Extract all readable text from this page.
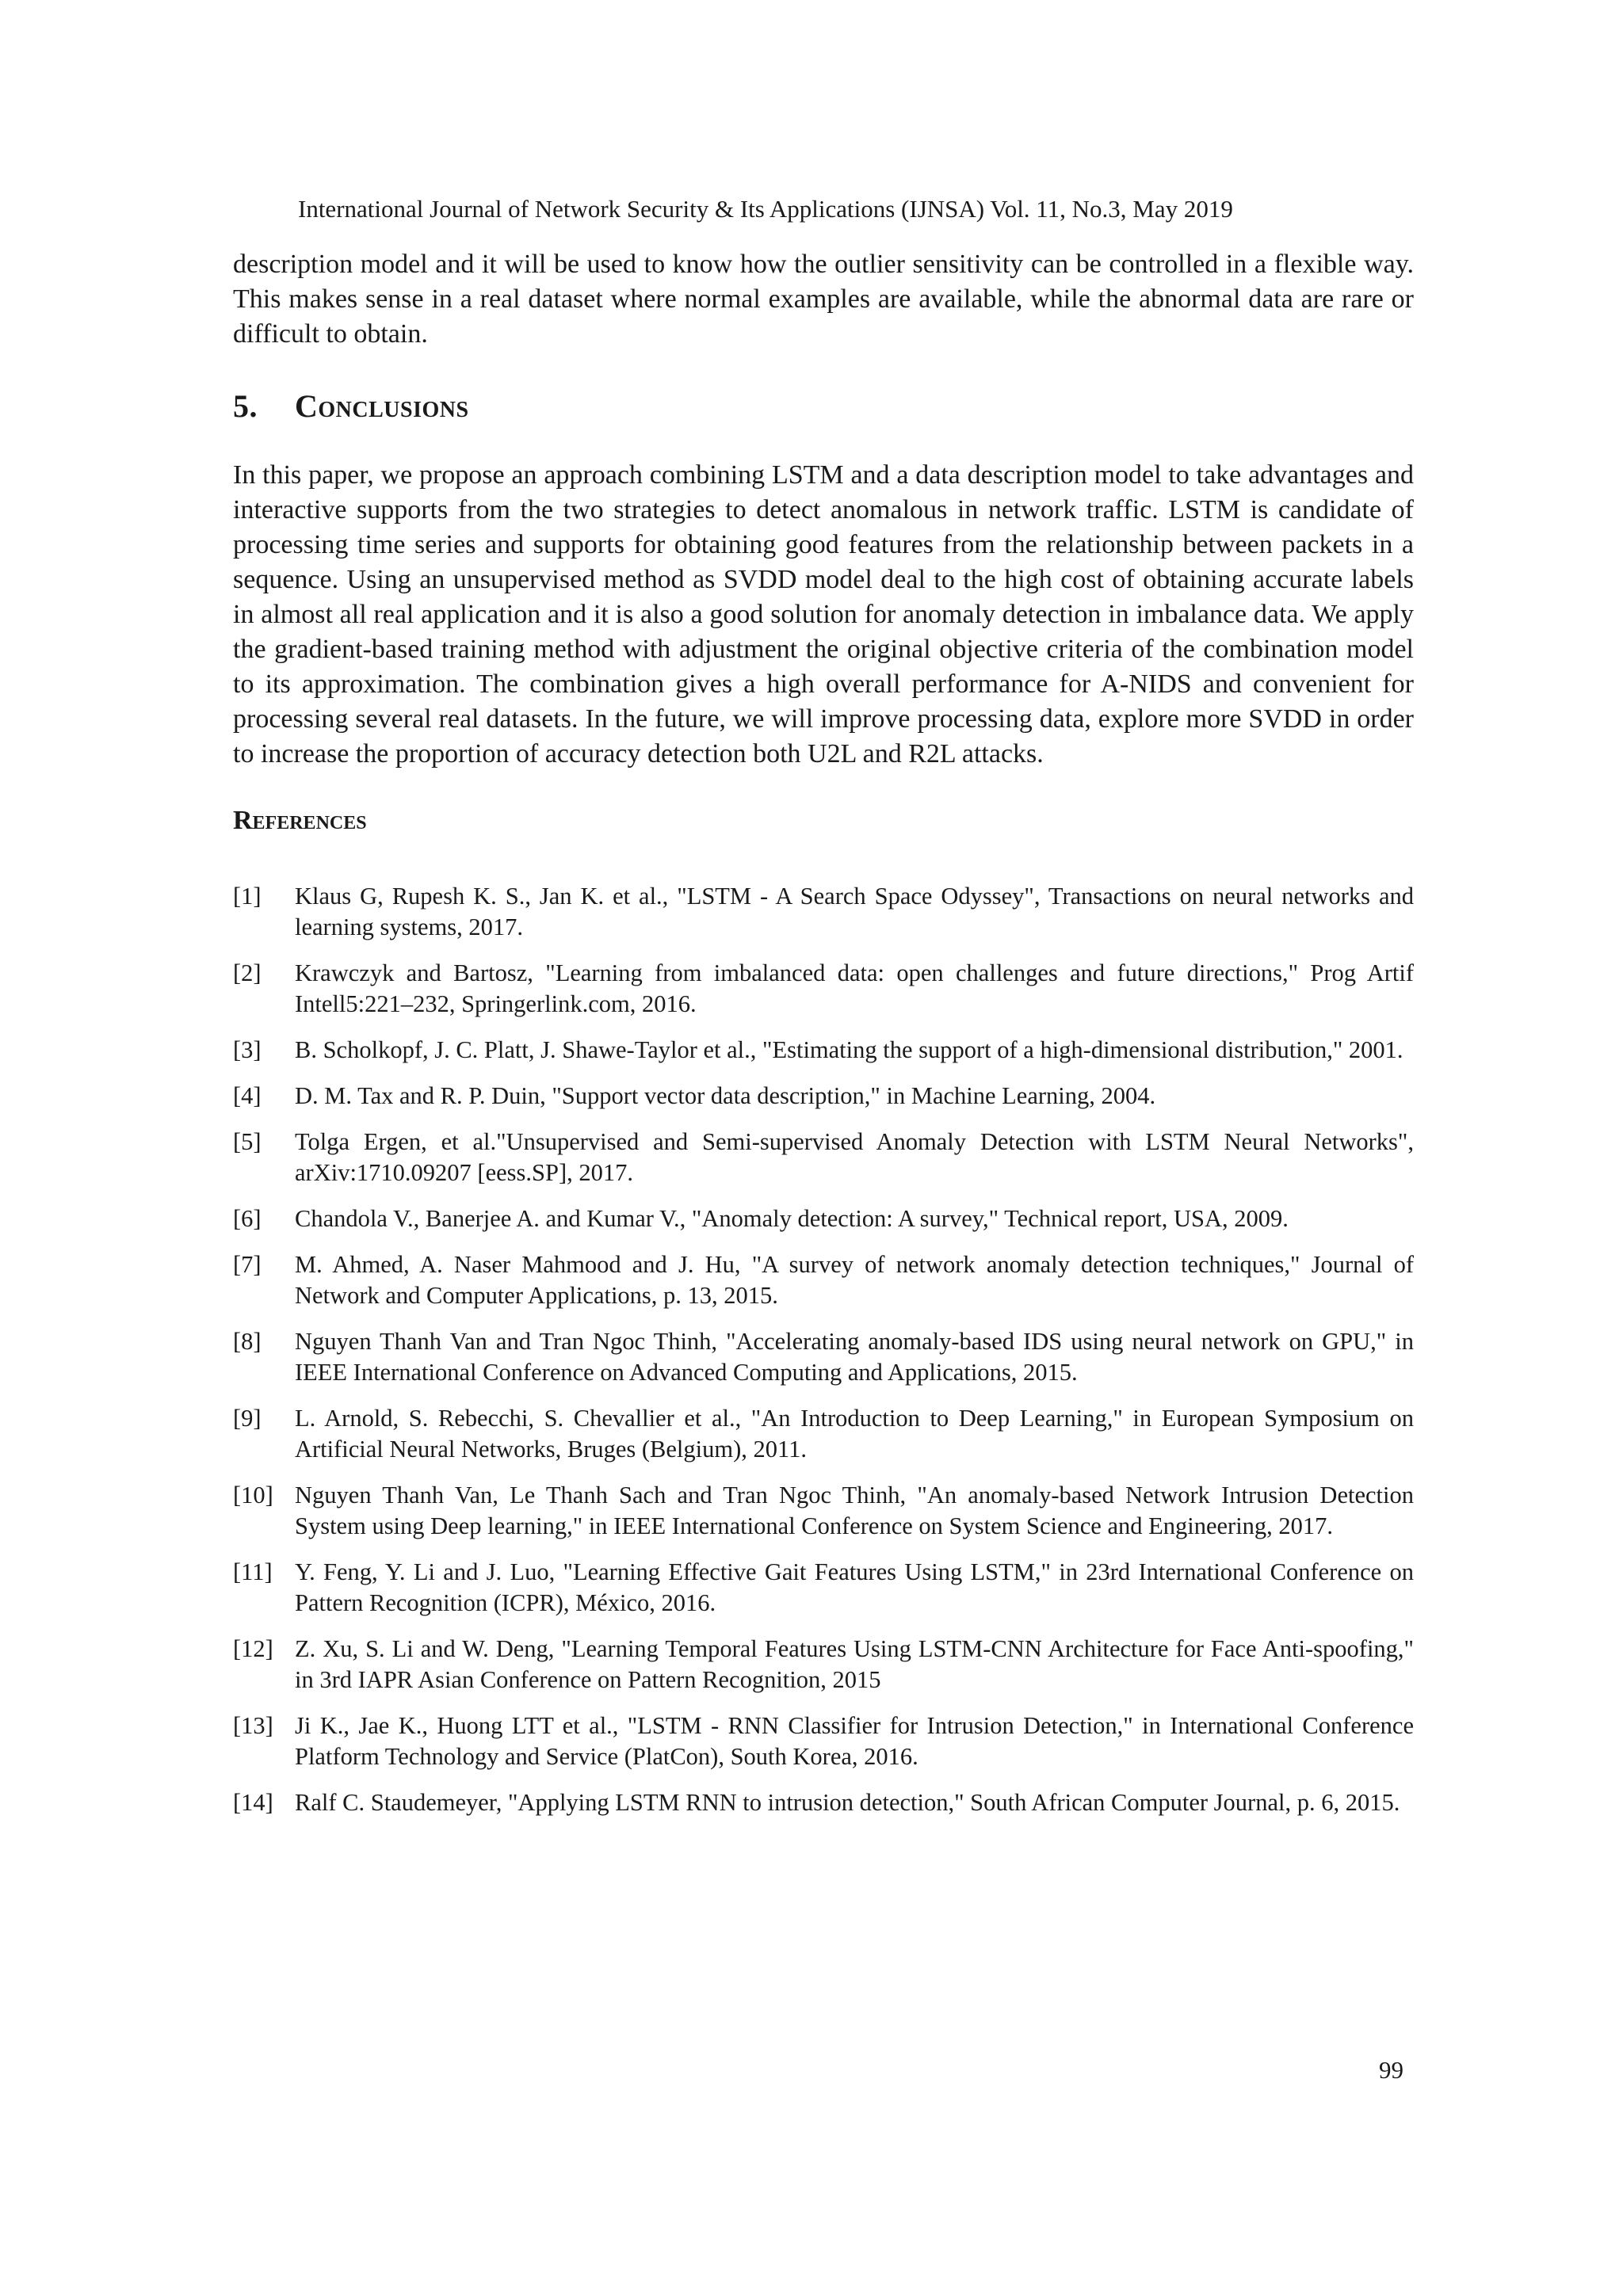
International Journal of Network Security & Its Applications (IJNSA) Vol. 11, No.3, May 2019

description model and it will be used to know how the outlier sensitivity can be controlled in a flexible way. This makes sense in a real dataset where normal examples are available, while the abnormal data are rare or difficult to obtain.

5. Conclusions

In this paper, we propose an approach combining LSTM and a data description model to take advantages and interactive supports from the two strategies to detect anomalous in network traffic. LSTM is candidate of processing time series and supports for obtaining good features from the relationship between packets in a sequence. Using an unsupervised method as SVDD model deal to the high cost of obtaining accurate labels in almost all real application and it is also a good solution for anomaly detection in imbalance data. We apply the gradient-based training method with adjustment the original objective criteria of the combination model to its approximation. The combination gives a high overall performance for A-NIDS and convenient for processing several real datasets. In the future, we will improve processing data, explore more SVDD in order to increase the proportion of accuracy detection both U2L and R2L attacks.

References
[1]	Klaus G, Rupesh K. S., Jan K. et al., "LSTM - A Search Space Odyssey", Transactions on neural networks and learning systems, 2017.
[2]	Krawczyk and Bartosz, "Learning from imbalanced data: open challenges and future directions," Prog Artif Intell5:221–232, Springerlink.com, 2016.
[3]	B. Scholkopf, J. C. Platt, J. Shawe-Taylor et al., "Estimating the support of a high-dimensional distribution," 2001.
[4]	D. M. Tax and R. P. Duin, "Support vector data description," in Machine Learning, 2004.
[5]	Tolga Ergen, et al."Unsupervised and Semi-supervised Anomaly Detection with LSTM Neural Networks", arXiv:1710.09207 [eess.SP], 2017.
[6]	Chandola V., Banerjee A. and Kumar V., "Anomaly detection: A survey," Technical report, USA, 2009.
[7]	M. Ahmed, A. Naser Mahmood and J. Hu, "A survey of network anomaly detection techniques," Journal of Network and Computer Applications, p. 13, 2015.
[8]	Nguyen Thanh Van and Tran Ngoc Thinh, "Accelerating anomaly-based IDS using neural network on GPU," in IEEE International Conference on Advanced Computing and Applications, 2015.
[9]	L. Arnold, S. Rebecchi, S. Chevallier et al., "An Introduction to Deep Learning," in European Symposium on Artificial Neural Networks, Bruges (Belgium), 2011.
[10] Nguyen Thanh Van, Le Thanh Sach and Tran Ngoc Thinh, "An anomaly-based Network Intrusion Detection System using Deep learning," in IEEE International Conference on System Science and Engineering, 2017.
[11] Y. Feng, Y. Li and J. Luo, "Learning Effective Gait Features Using LSTM," in 23rd International Conference on Pattern Recognition (ICPR), México, 2016.
[12] Z. Xu, S. Li and W. Deng, "Learning Temporal Features Using LSTM-CNN Architecture for Face Anti-spoofing," in 3rd IAPR Asian Conference on Pattern Recognition, 2015
[13] Ji K., Jae K., Huong LTT et al., "LSTM - RNN Classifier for Intrusion Detection," in International Conference Platform Technology and Service (PlatCon), South Korea, 2016.
[14] Ralf C. Staudemeyer, "Applying LSTM RNN to intrusion detection," South African Computer Journal, p. 6, 2015.
99
